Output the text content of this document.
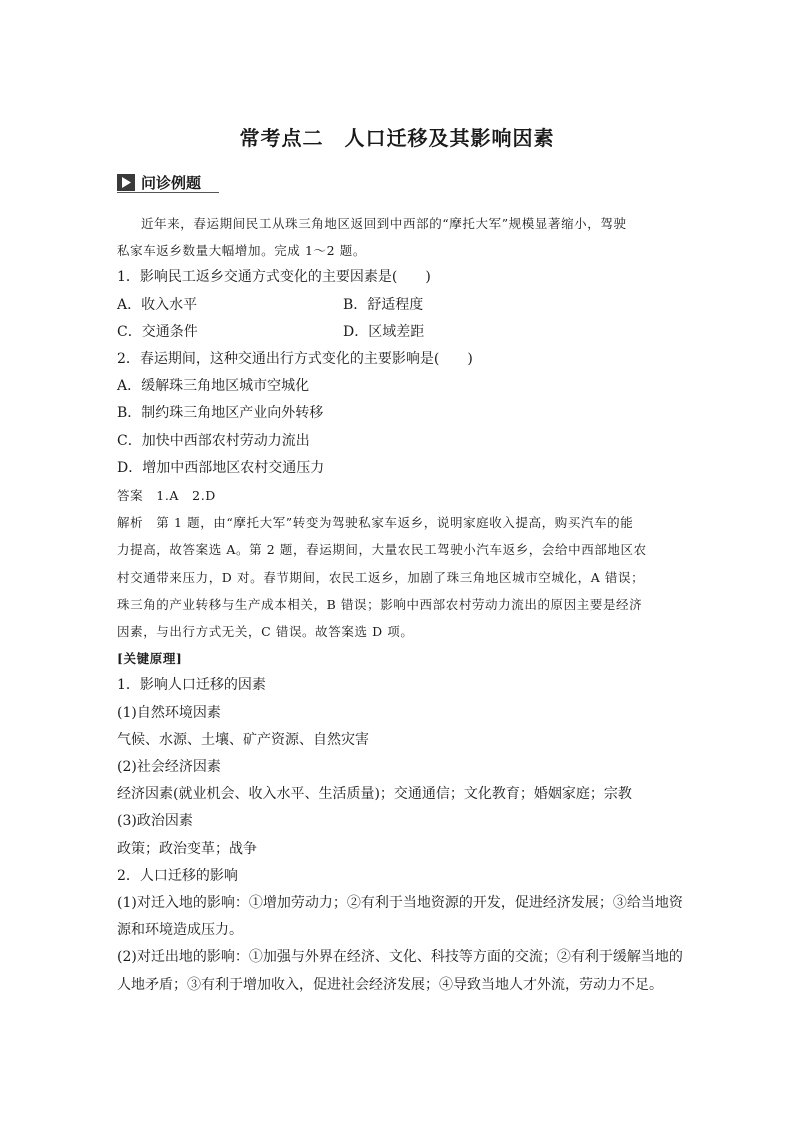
常考点二　人口迁移及其影响因素
问诊例题
近年来，春运期间民工从珠三角地区返回到中西部的“摩托大军”规模显著缩小，驾驶
私家车返乡数量大幅增加。完成 1～2 题。
1．影响民工返乡交通方式变化的主要因素是(　　)
A．收入水平	B．舒适程度
C．交通条件	D．区域差距
2．春运期间，这种交通出行方式变化的主要影响是(　　)
A．缓解珠三角地区城市空城化
B．制约珠三角地区产业向外转移
C．加快中西部农村劳动力流出
D．增加中西部地区农村交通压力
答案　1.A　2.D
解析　第 1 题，由“摩托大军”转变为驾驶私家车返乡，说明家庭收入提高，购买汽车的能
力提高，故答案选 A。第 2 题，春运期间，大量农民工驾驶小汽车返乡，会给中西部地区农
村交通带来压力，D 对。春节期间，农民工返乡，加剧了珠三角地区城市空城化，A 错误；
珠三角的产业转移与生产成本相关，B 错误；影响中西部农村劳动力流出的原因主要是经济
因素，与出行方式无关，C 错误。故答案选 D 项。
[关键原理]
1．影响人口迁移的因素
(1)自然环境因素
气候、水源、土壤、矿产资源、自然灾害
(2)社会经济因素
经济因素(就业机会、收入水平、生活质量)；交通通信；文化教育；婚姻家庭；宗教
(3)政治因素
政策；政治变革；战争
2．人口迁移的影响
(1)对迁入地的影响：①增加劳动力；②有利于当地资源的开发，促进经济发展；③给当地资
源和环境造成压力。
(2)对迁出地的影响：①加强与外界在经济、文化、科技等方面的交流；②有利于缓解当地的
人地矛盾；③有利于增加收入，促进社会经济发展；④导致当地人才外流，劳动力不足。
